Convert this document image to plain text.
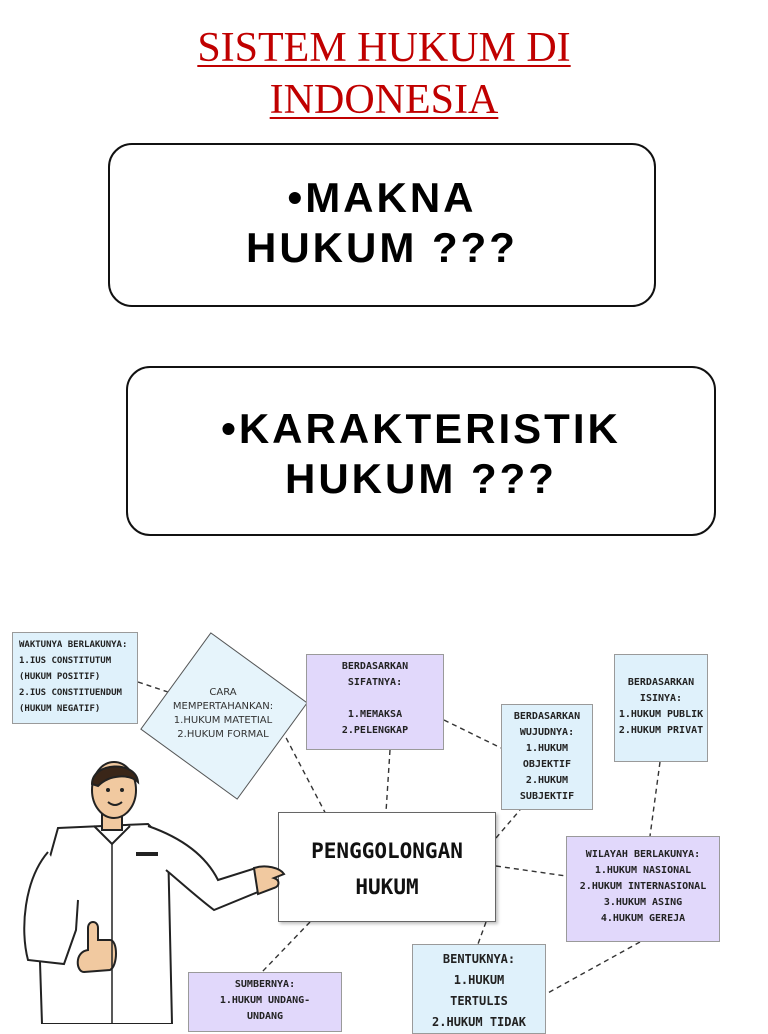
SISTEM HUKUM DI
INDONESIA
•MAKNA
HUKUM ???
•KARAKTERISTIK
HUKUM ???
WAKTUNYA BERLAKUNYA:
1.IUS CONSTITUTUM
(HUKUM POSITIF)
2.IUS CONSTITUENDUM
(HUKUM NEGATIF)
CARA
MEMPERTAHANKAN:
1.HUKUM MATETIAL
2.HUKUM FORMAL
BERDASARKAN
SIFATNYA:
1.MEMAKSA
2.PELENGKAP
BERDASARKAN
WUJUDNYA:
1.HUKUM
OBJEKTIF
2.HUKUM
SUBJEKTIF
BERDASARKAN
ISINYA:
1.HUKUM PUBLIK
2.HUKUM PRIVAT
PENGGOLONGAN
HUKUM
WILAYAH BERLAKUNYA:
1.HUKUM NASIONAL
2.HUKUM INTERNASIONAL
3.HUKUM ASING
4.HUKUM GEREJA
BENTUKNYA:
1.HUKUM
TERTULIS
2.HUKUM TIDAK
SUMBERNYA:
1.HUKUM UNDANG-
UNDANG
